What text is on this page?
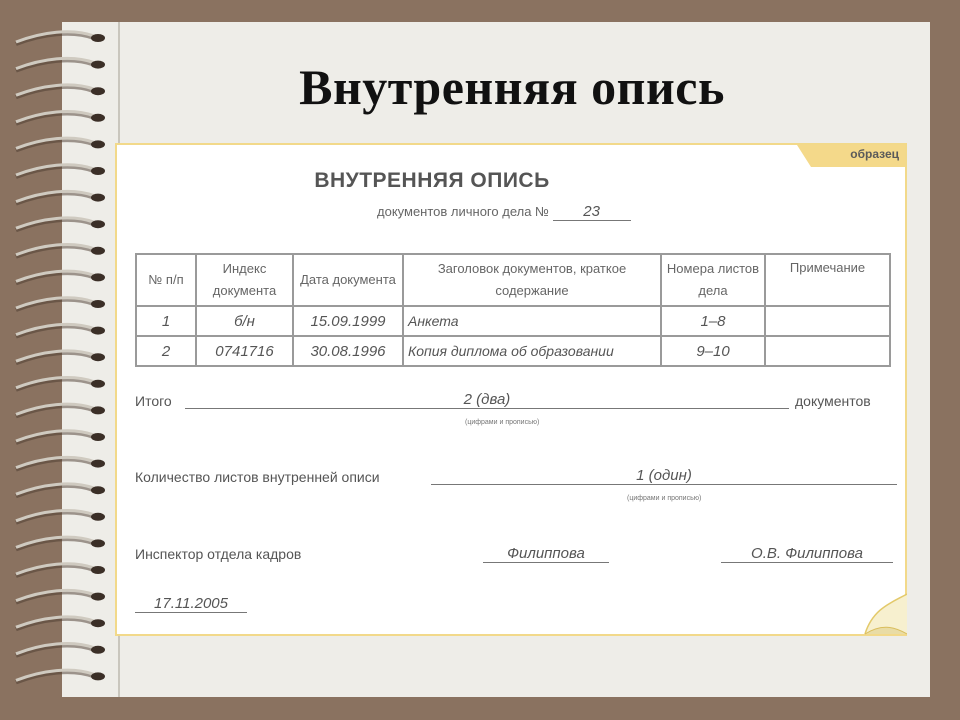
Внутренняя опись
образец
ВНУТРЕННЯЯ ОПИСЬ
документов личного дела № 23
№ п/п	Индекс документа	Дата документа	Заголовок документов, краткое содержание	Номера листов дела	Примечание
1	б/н	15.09.1999	Анкета	1–8	
2	0741716	30.08.1996	Копия диплома об образовании	9–10	
Итого	2 (два)
(цифрами и прописью)
документов
Количество листов внутренней описи	1 (один)
(цифрами и прописью)
Инспектор отдела кадров	Филиппова	О.В. Филиппова
17.11.2005
